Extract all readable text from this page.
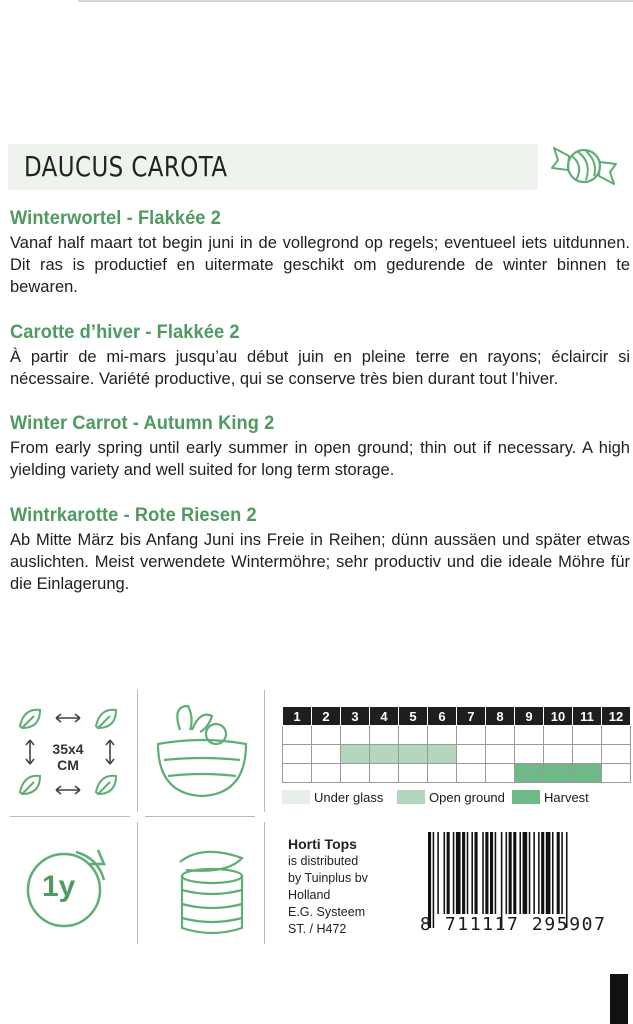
DAUCUS CAROTA
Winterwortel - Flakkée 2

Vanaf half maart tot begin juni in de vollegrond op regels; eventueel iets uitdunnen. Dit ras is productief en uitermate geschikt om gedurende de winter binnen te bewaren.

Carotte d’hiver - Flakkée 2

À partir de mi-mars jusqu’au début juin en pleine terre en rayons; éclaircir si nécessaire. Variété productive, qui se conserve très bien durant tout l’hiver.

Winter Carrot - Autumn King 2

From early spring until early summer in open ground; thin out if necessary. A high yielding variety and well suited for long term storage.

Wintrkarotte - Rote Riesen 2

Ab Mitte März bis Anfang Juni ins Freie in Reihen; dünn aussäen und später etwas auslichten. Meist verwendete Wintermöhre; sehr productiv und die ideale Möhre für die Einlagerung.

35x4
CM
1y
1	2	3	4	5	6	7	8	9	10	11	12

Under glass	Open ground	Harvest
Horti Tops
is distributed
by Tuinplus bv
Holland
E.G. Systeem
ST. / H472	8 711117 295907
